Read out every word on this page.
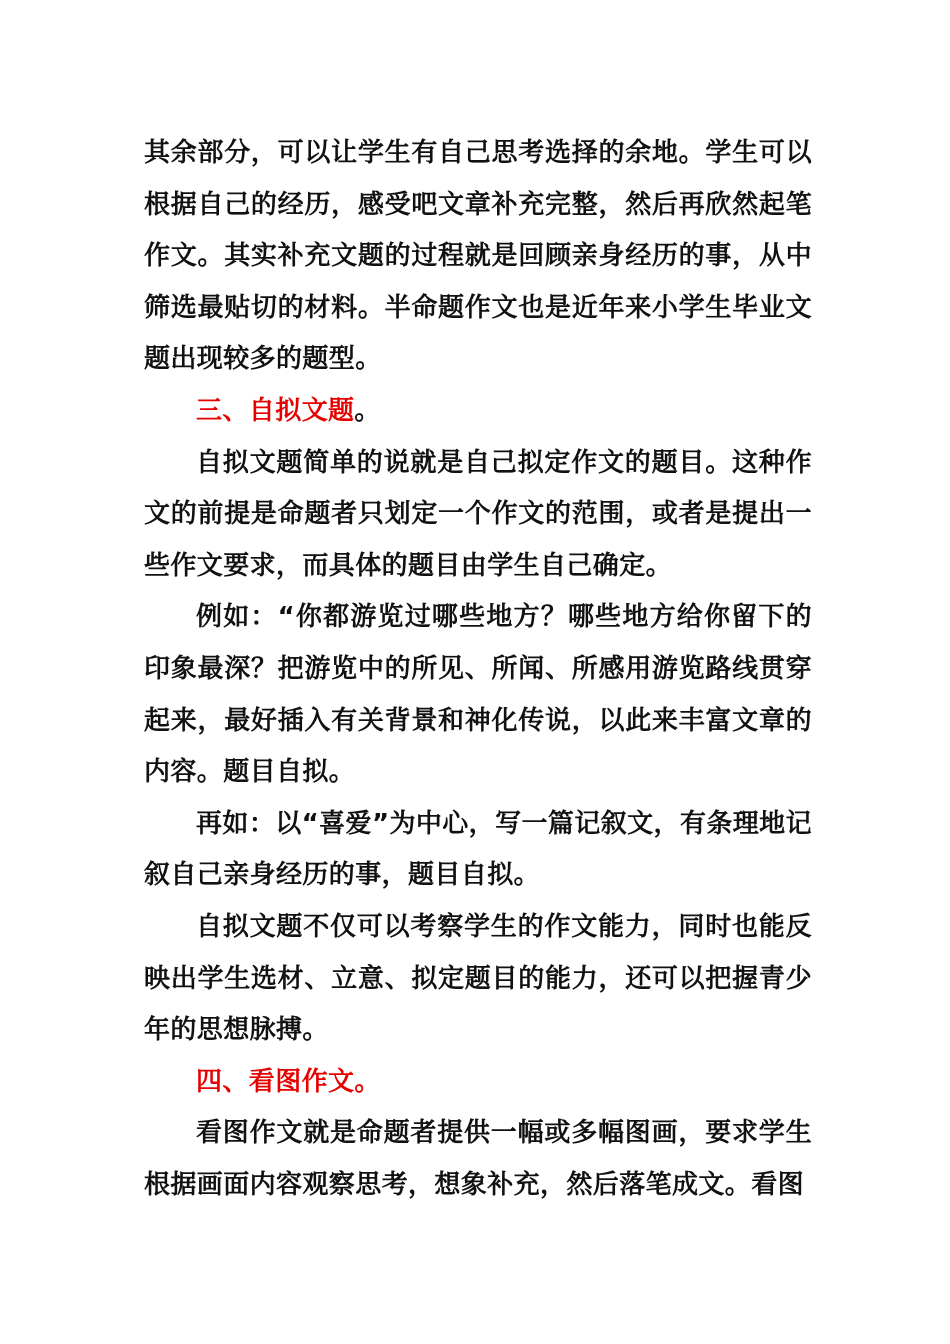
其余部分，可以让学生有自己思考选择的余地。学生可以根据自己的经历，感受吧文章补充完整，然后再欣然起笔作文。其实补充文题的过程就是回顾亲身经历的事，从中筛选最贴切的材料。半命题作文也是近年来小学生毕业文题出现较多的题型。

三、自拟文题。

自拟文题简单的说就是自己拟定作文的题目。这种作文的前提是命题者只划定一个作文的范围，或者是提出一些作文要求，而具体的题目由学生自己确定。

例如：“你都游览过哪些地方？哪些地方给你留下的印象最深？把游览中的所见、所闻、所感用游览路线贯穿起来，最好插入有关背景和神化传说，以此来丰富文章的内容。题目自拟。

再如：以“喜爱”为中心，写一篇记叙文，有条理地记叙自己亲身经历的事，题目自拟。

自拟文题不仅可以考察学生的作文能力，同时也能反映出学生选材、立意、拟定题目的能力，还可以把握青少年的思想脉搏。

四、看图作文。

看图作文就是命题者提供一幅或多幅图画，要求学生根据画面内容观察思考，想象补充，然后落笔成文。看图
